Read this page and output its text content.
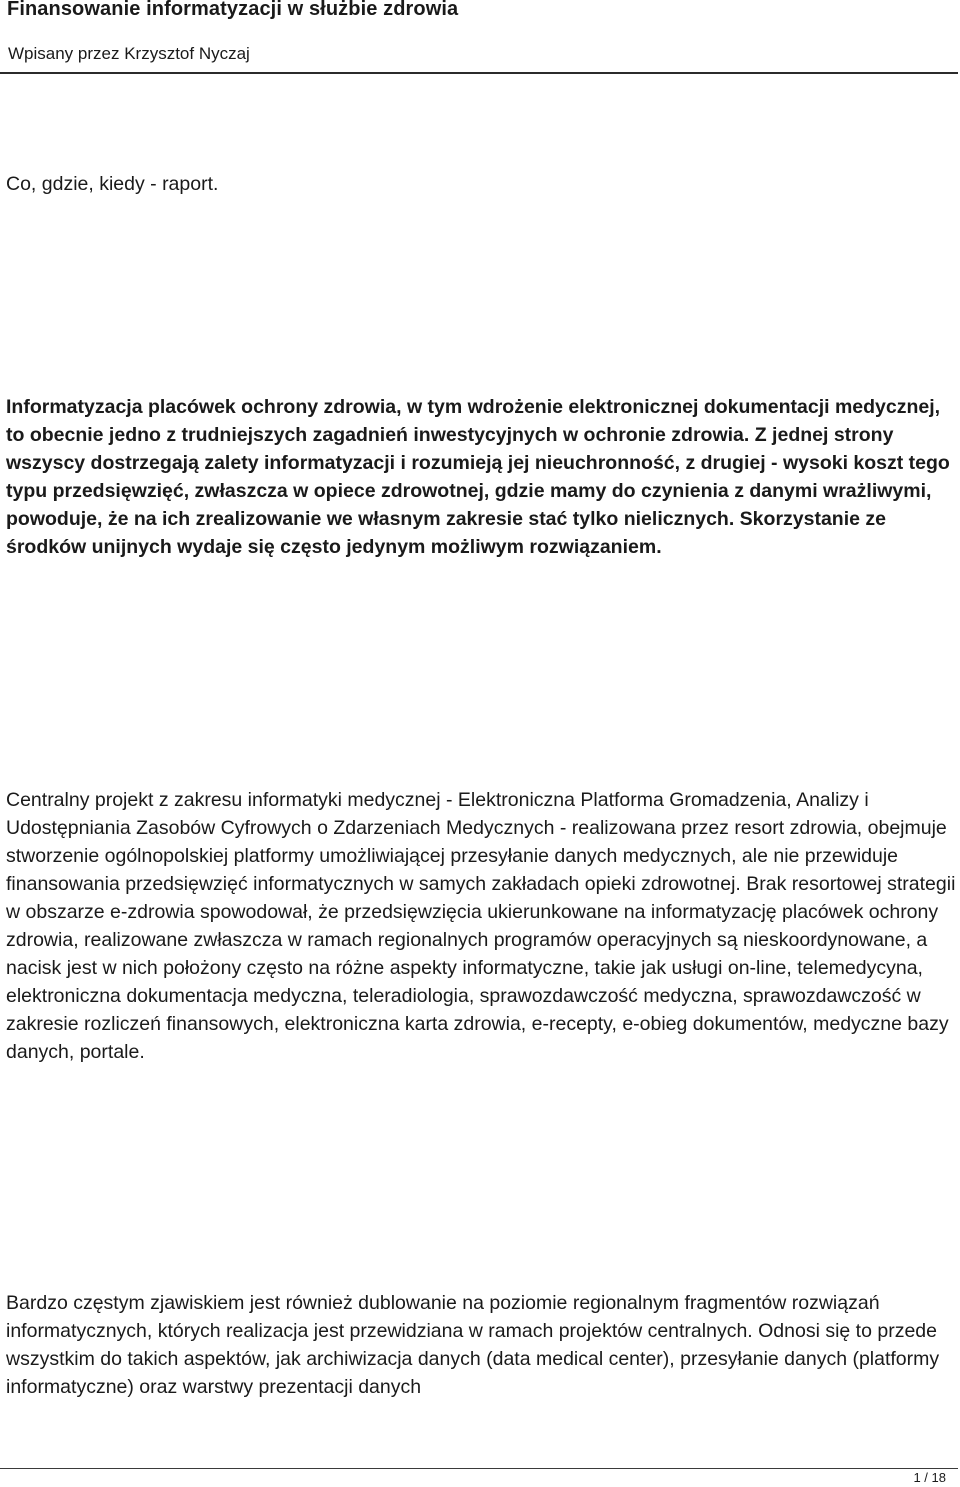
Finansowanie informatyzacji w służbie zdrowia
Wpisany przez Krzysztof Nyczaj

Co, gdzie, kiedy - raport.

Informatyzacja placówek ochrony zdrowia, w tym wdrożenie elektronicznej dokumentacji medycznej, to obecnie jedno z trudniejszych zagadnień inwestycyjnych w ochronie zdrowia. Z jednej strony wszyscy dostrzegają zalety informatyzacji i rozumieją jej nieuchronność, z drugiej - wysoki koszt tego typu przedsięwzięć, zwłaszcza w opiece zdrowotnej, gdzie mamy do czynienia z danymi wrażliwymi, powoduje, że na ich zrealizowanie we własnym zakresie stać tylko nielicznych. Skorzystanie ze środków unijnych wydaje się często jedynym możliwym rozwiązaniem.

Centralny projekt z zakresu informatyki medycznej - Elektroniczna Platforma Gromadzenia, Analizy i Udostępniania Zasobów Cyfrowych o Zdarzeniach Medycznych - realizowana przez resort zdrowia, obejmuje stworzenie ogólnopolskiej platformy umożliwiającej przesyłanie danych medycznych, ale nie przewiduje finansowania przedsięwzięć informatycznych w samych zakładach opieki zdrowotnej. Brak resortowej strategii w obszarze e-zdrowia spowodował, że przedsięwzięcia ukierunkowane na informatyzację placówek ochrony zdrowia, realizowane zwłaszcza w ramach regionalnych programów operacyjnych są nieskoordynowane, a nacisk jest w nich położony często na różne aspekty informatyczne, takie jak usługi on-line, telemedycyna, elektroniczna dokumentacja medyczna, teleradiologia, sprawozdawczość medyczna, sprawozdawczość w zakresie rozliczeń finansowych, elektroniczna karta zdrowia, e-recepty, e-obieg dokumentów, medyczne bazy danych, portale.

Bardzo częstym zjawiskiem jest również dublowanie na poziomie regionalnym fragmentów rozwiązań informatycznych, których realizacja jest przewidziana w ramach projektów centralnych. Odnosi się to przede wszystkim do takich aspektów, jak archiwizacja danych (data medical center), przesyłanie danych (platformy informatyczne) oraz warstwy prezentacji danych

1 / 18
